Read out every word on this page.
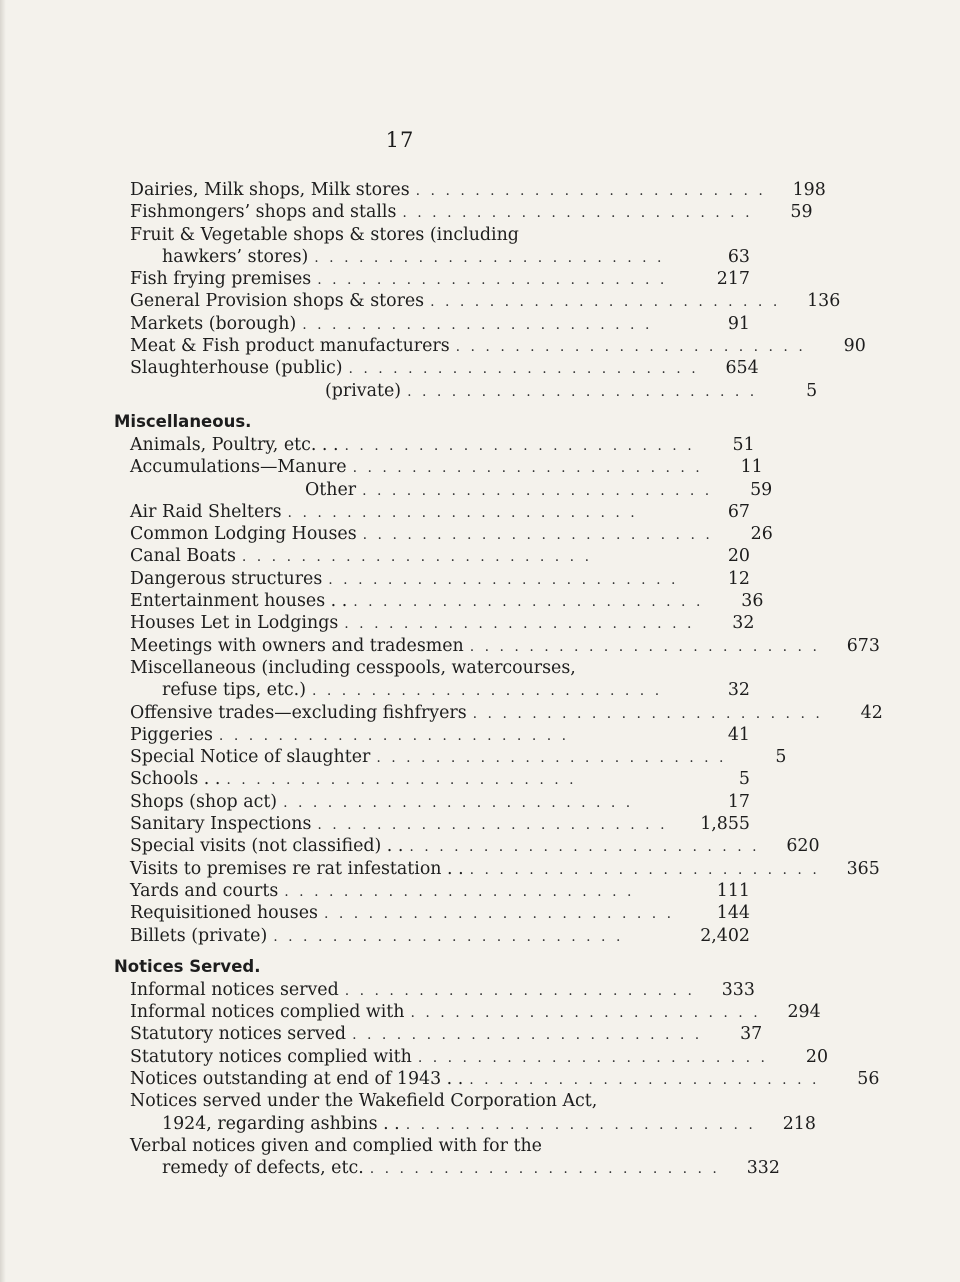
17
Dairies, Milk shops, Milk stores . . . . . . . . . . . . . . . . . . . . . . . .	198
Fishmongers’ shops and stalls . . . . . . . . . . . . . . . . . . . . . . . .	59
Fruit & Vegetable shops & stores (including
hawkers’ stores) . . . . . . . . . . . . . . . . . . . . . . . .	63
Fish frying premises . . . . . . . . . . . . . . . . . . . . . . . .	217
General Provision shops & stores . . . . . . . . . . . . . . . . . . . . . . . .	136
Markets (borough) . . . . . . . . . . . . . . . . . . . . . . . .	91
Meat & Fish product manufacturers . . . . . . . . . . . . . . . . . . . . . . . .	90
Slaughterhouse (public) . . . . . . . . . . . . . . . . . . . . . . . .	654
(private) . . . . . . . . . . . . . . . . . . . . . . . .	5
Miscellaneous.
Animals, Poultry, etc. . . . . . . . . . . . . . . . . . . . . . . . . . .	51
Accumulations—Manure . . . . . . . . . . . . . . . . . . . . . . . .	11
Other . . . . . . . . . . . . . . . . . . . . . . . .	59
Air Raid Shelters . . . . . . . . . . . . . . . . . . . . . . . .	67
Common Lodging Houses . . . . . . . . . . . . . . . . . . . . . . . .	26
Canal Boats . . . . . . . . . . . . . . . . . . . . . . . .	20
Dangerous structures . . . . . . . . . . . . . . . . . . . . . . . .	12
Entertainment houses . . . . . . . . . . . . . . . . . . . . . . . . . .	36
Houses Let in Lodgings . . . . . . . . . . . . . . . . . . . . . . . .	32
Meetings with owners and tradesmen . . . . . . . . . . . . . . . . . . . . . . . .	673
Miscellaneous (including cesspools, watercourses,
refuse tips, etc.) . . . . . . . . . . . . . . . . . . . . . . . .	32
Offensive trades—excluding fishfryers . . . . . . . . . . . . . . . . . . . . . . . .	42
Piggeries . . . . . . . . . . . . . . . . . . . . . . . .	41
Special Notice of slaughter . . . . . . . . . . . . . . . . . . . . . . . .	5
Schools . . . . . . . . . . . . . . . . . . . . . . . . . .	5
Shops (shop act) . . . . . . . . . . . . . . . . . . . . . . . .	17
Sanitary Inspections . . . . . . . . . . . . . . . . . . . . . . . .	1,855
Special visits (not classified) . . . . . . . . . . . . . . . . . . . . . . . . . .	620
Visits to premises re rat infestation . . . . . . . . . . . . . . . . . . . . . . . . . .	365
Yards and courts . . . . . . . . . . . . . . . . . . . . . . . .	111
Requisitioned houses . . . . . . . . . . . . . . . . . . . . . . . .	144
Billets (private) . . . . . . . . . . . . . . . . . . . . . . . .	2,402
Notices Served.
Informal notices served . . . . . . . . . . . . . . . . . . . . . . . .	333
Informal notices complied with . . . . . . . . . . . . . . . . . . . . . . . .	294
Statutory notices served . . . . . . . . . . . . . . . . . . . . . . . .	37
Statutory notices complied with . . . . . . . . . . . . . . . . . . . . . . . .	20
Notices outstanding at end of 1943 . . . . . . . . . . . . . . . . . . . . . . . . . .	56
Notices served under the Wakefield Corporation Act,
1924, regarding ashbins . . . . . . . . . . . . . . . . . . . . . . . . . .	218
Verbal notices given and complied with for the
remedy of defects, etc. . . . . . . . . . . . . . . . . . . . . . . . .	332
